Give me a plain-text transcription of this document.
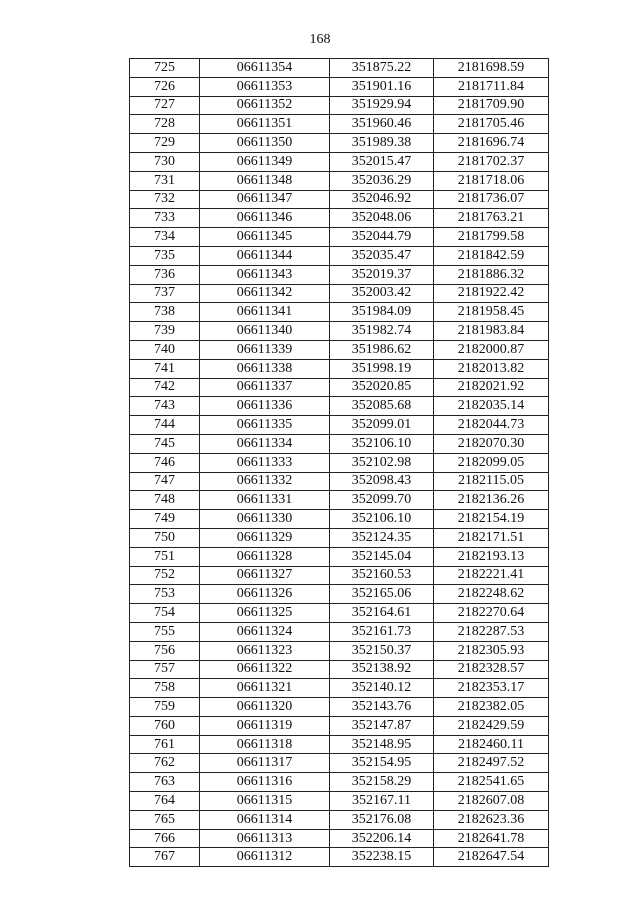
168
725	06611354	351875.22	2181698.59
726	06611353	351901.16	2181711.84
727	06611352	351929.94	2181709.90
728	06611351	351960.46	2181705.46
729	06611350	351989.38	2181696.74
730	06611349	352015.47	2181702.37
731	06611348	352036.29	2181718.06
732	06611347	352046.92	2181736.07
733	06611346	352048.06	2181763.21
734	06611345	352044.79	2181799.58
735	06611344	352035.47	2181842.59
736	06611343	352019.37	2181886.32
737	06611342	352003.42	2181922.42
738	06611341	351984.09	2181958.45
739	06611340	351982.74	2181983.84
740	06611339	351986.62	2182000.87
741	06611338	351998.19	2182013.82
742	06611337	352020.85	2182021.92
743	06611336	352085.68	2182035.14
744	06611335	352099.01	2182044.73
745	06611334	352106.10	2182070.30
746	06611333	352102.98	2182099.05
747	06611332	352098.43	2182115.05
748	06611331	352099.70	2182136.26
749	06611330	352106.10	2182154.19
750	06611329	352124.35	2182171.51
751	06611328	352145.04	2182193.13
752	06611327	352160.53	2182221.41
753	06611326	352165.06	2182248.62
754	06611325	352164.61	2182270.64
755	06611324	352161.73	2182287.53
756	06611323	352150.37	2182305.93
757	06611322	352138.92	2182328.57
758	06611321	352140.12	2182353.17
759	06611320	352143.76	2182382.05
760	06611319	352147.87	2182429.59
761	06611318	352148.95	2182460.11
762	06611317	352154.95	2182497.52
763	06611316	352158.29	2182541.65
764	06611315	352167.11	2182607.08
765	06611314	352176.08	2182623.36
766	06611313	352206.14	2182641.78
767	06611312	352238.15	2182647.54
